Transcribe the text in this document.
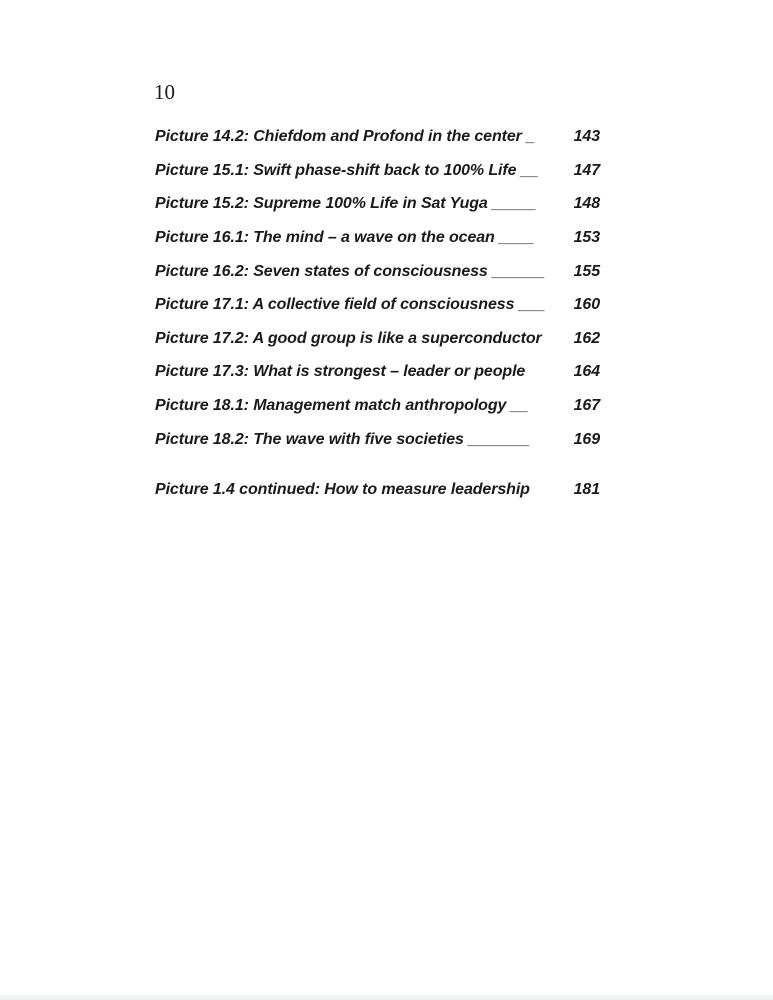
10
Picture 14.2: Chiefdom and Profond in the center _ 143
Picture 15.1: Swift phase-shift back to 100% Life __ 147
Picture 15.2: Supreme 100% Life in Sat Yuga _____ 148
Picture 16.1: The mind – a wave on the ocean ____ 153
Picture 16.2: Seven states of consciousness ______ 155
Picture 17.1: A collective field of consciousness ___ 160
Picture 17.2: A good group is like a superconductor 162
Picture 17.3: What is strongest – leader or people	164
Picture 18.1: Management match anthropology __	167
Picture 18.2: The wave with five societies _______	169
Picture 1.4 continued: How to measure leadership	181
